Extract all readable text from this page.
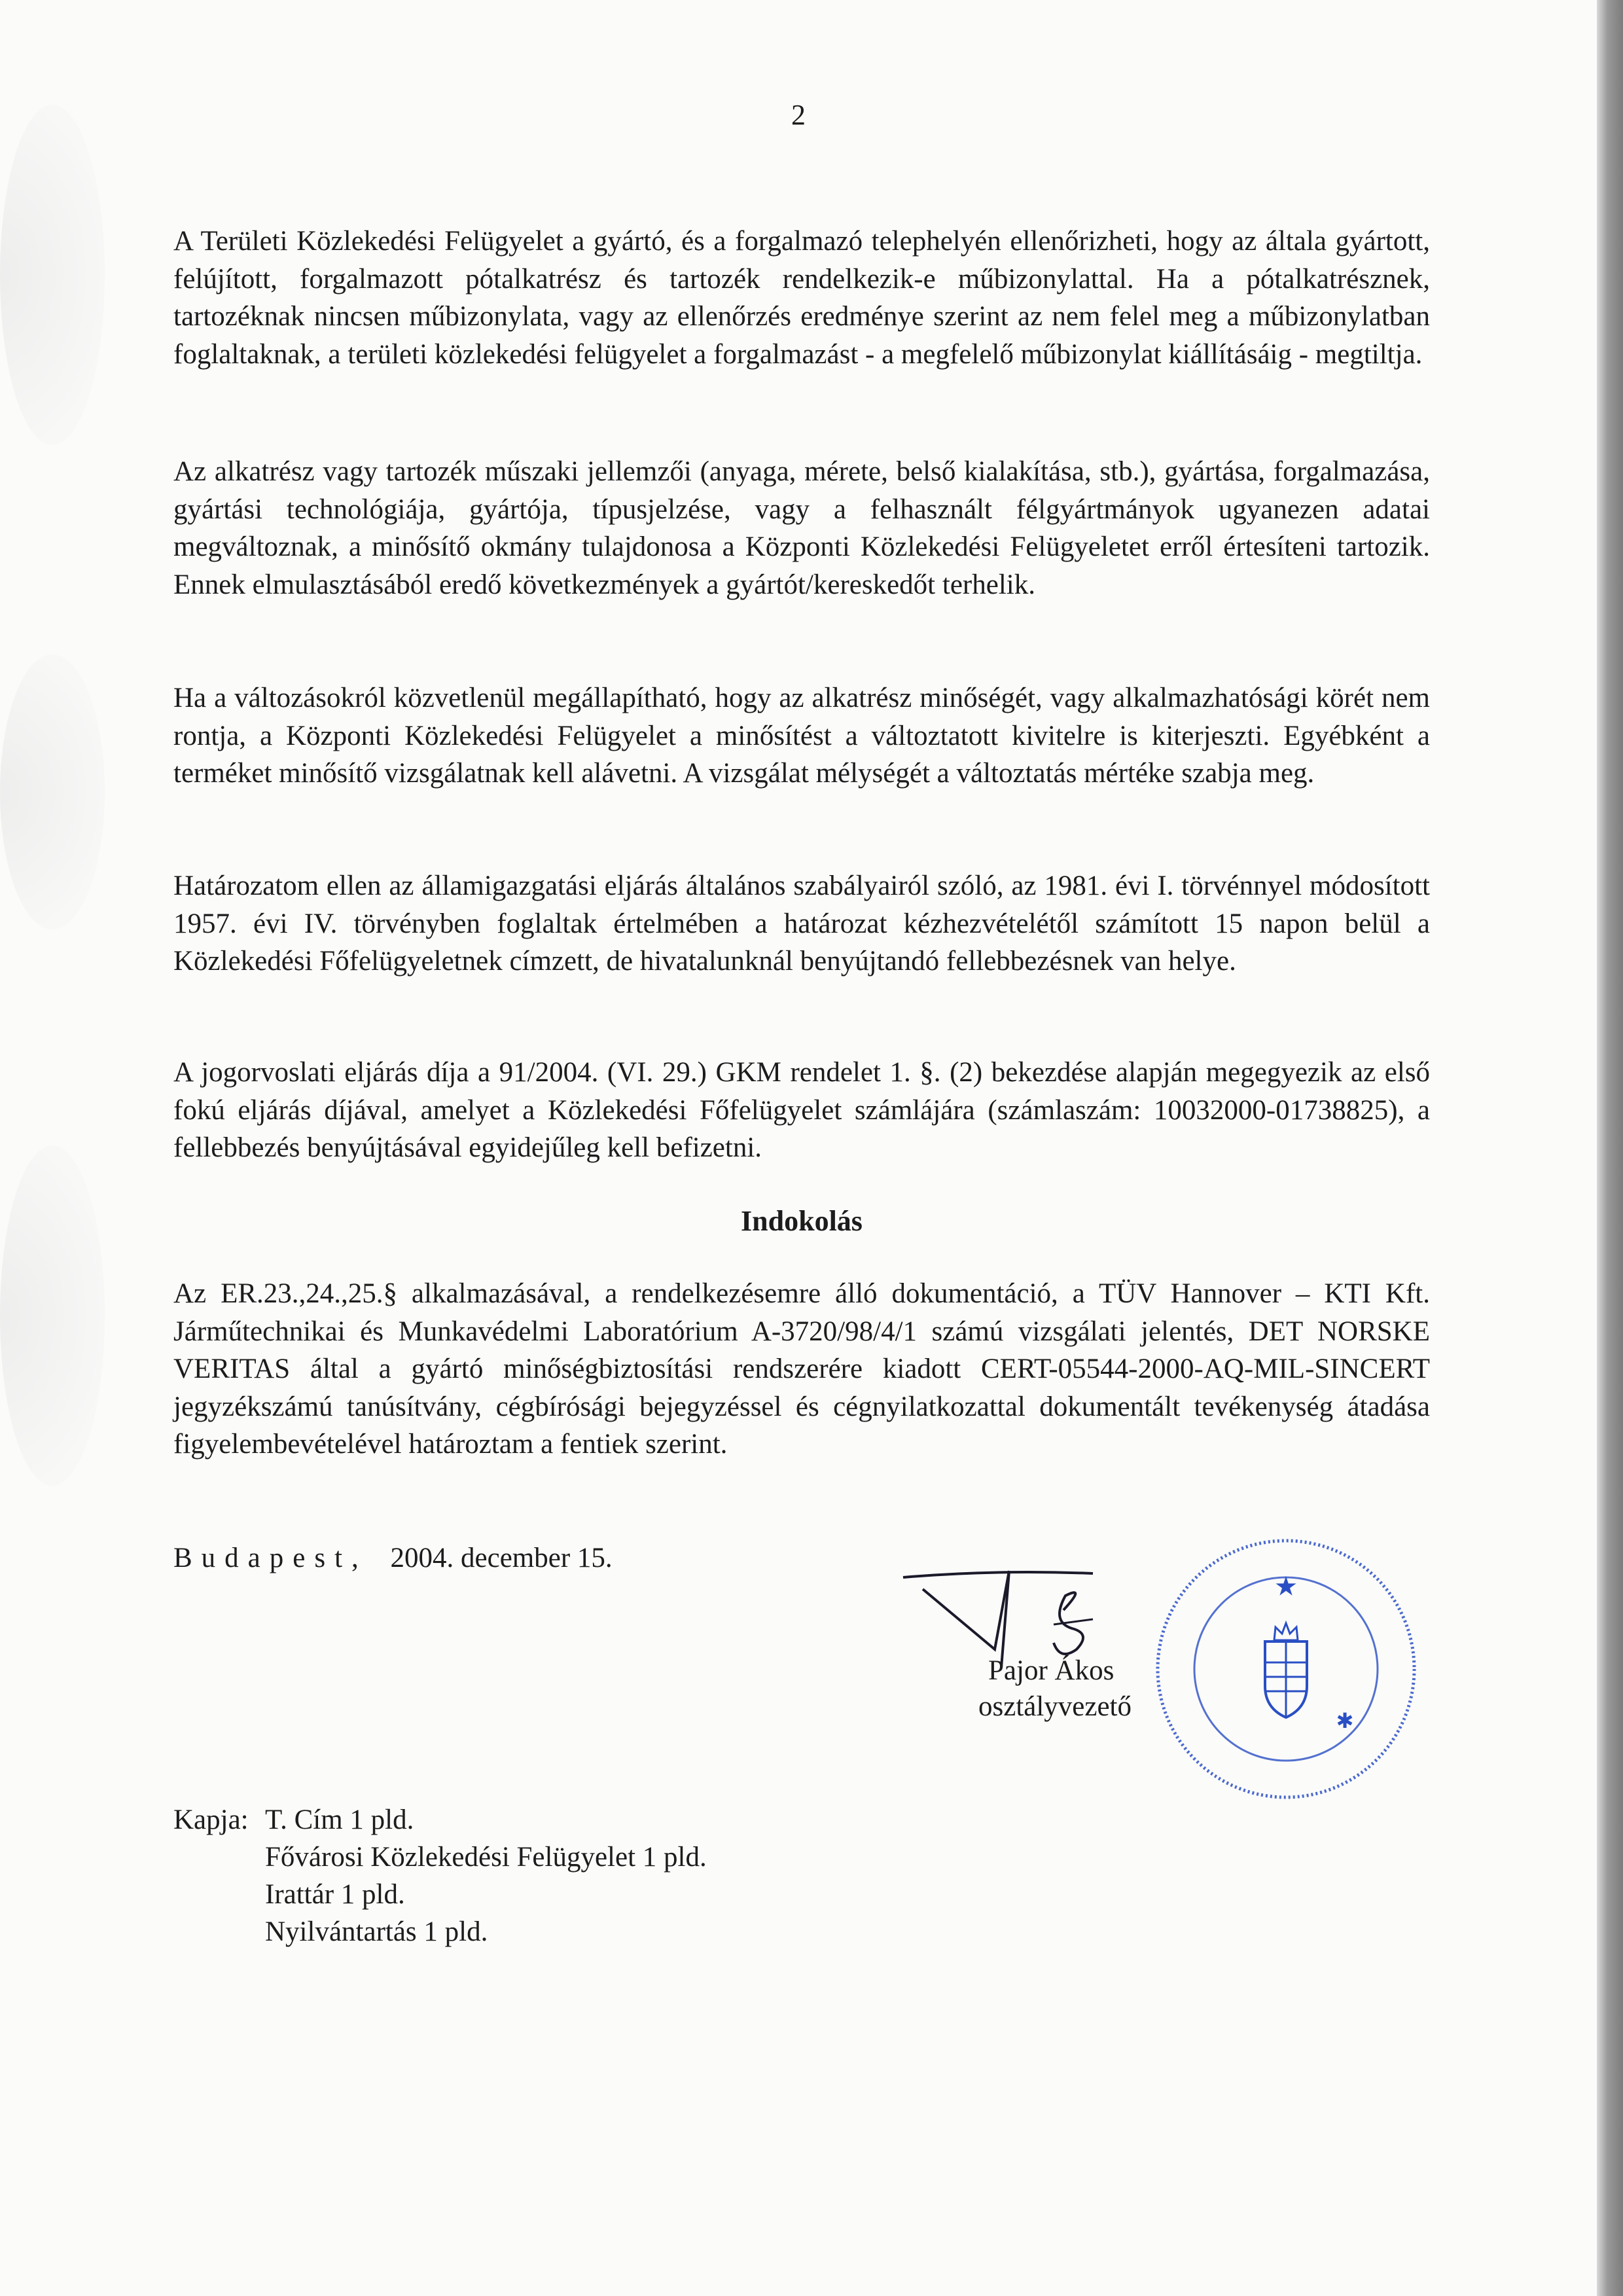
2

A Területi Közlekedési Felügyelet a gyártó, és a forgalmazó telephelyén ellenőrizheti, hogy az általa gyártott, felújított, forgalmazott pótalkatrész és tartozék rendelkezik-e műbizonylattal. Ha a pótalkatrésznek, tartozéknak nincsen műbizonylata, vagy az ellenőrzés eredménye szerint az nem felel meg a műbizonylatban foglaltaknak, a területi közlekedési felügyelet a forgalmazást - a megfelelő műbizonylat kiállításáig - megtiltja.

Az alkatrész vagy tartozék műszaki jellemzői (anyaga, mérete, belső kialakítása, stb.), gyártása, forgalmazása, gyártási technológiája, gyártója, típusjelzése, vagy a felhasznált félgyártmányok ugyanezen adatai megváltoznak, a minősítő okmány tulajdonosa a Központi Közlekedési Felügyeletet erről értesíteni tartozik. Ennek elmulasztásából eredő következmények a gyártót/kereskedőt terhelik.

Ha a változásokról közvetlenül megállapítható, hogy az alkatrész minőségét, vagy alkalmazhatósági körét nem rontja, a Központi Közlekedési Felügyelet a minősítést a változtatott kivitelre is kiterjeszti. Egyébként a terméket minősítő vizsgálatnak kell alávetni. A vizsgálat mélységét a változtatás mértéke szabja meg.

Határozatom ellen az államigazgatási eljárás általános szabályairól szóló, az 1981. évi I. törvénnyel módosított 1957. évi IV. törvényben foglaltak értelmében a határozat kézhezvételétől számított 15 napon belül a Közlekedési Főfelügyeletnek címzett, de hivatalunknál benyújtandó fellebbezésnek van helye.

A jogorvoslati eljárás díja a 91/2004. (VI. 29.) GKM rendelet 1. §. (2) bekezdése alapján megegyezik az első fokú eljárás díjával, amelyet a Közlekedési Főfelügyelet számlájára (számlaszám: 10032000-01738825), a fellebbezés benyújtásával egyidejűleg kell befizetni.

Indokolás

Az ER.23.,24.,25.§ alkalmazásával, a rendelkezésemre álló dokumentáció, a TÜV Hannover – KTI Kft. Járműtechnikai és Munkavédelmi Laboratórium A-3720/98/4/1 számú vizsgálati jelentés, DET NORSKE VERITAS által a gyártó minőségbiztosítási rendszerére kiadott CERT-05544-2000-AQ-MIL-SINCERT jegyzékszámú tanúsítvány, cégbírósági bejegyzéssel és cégnyilatkozattal dokumentált tevékenység átadása figyelembevételével határoztam a fentiek szerint.

Budapest, 2004. december 15.
Pajor Ákos
osztályvezető
★
✱
Kapja: T. Cím 1 pld.
Fővárosi Közlekedési Felügyelet 1 pld.
Irattár 1 pld.
Nyilvántartás 1 pld.
